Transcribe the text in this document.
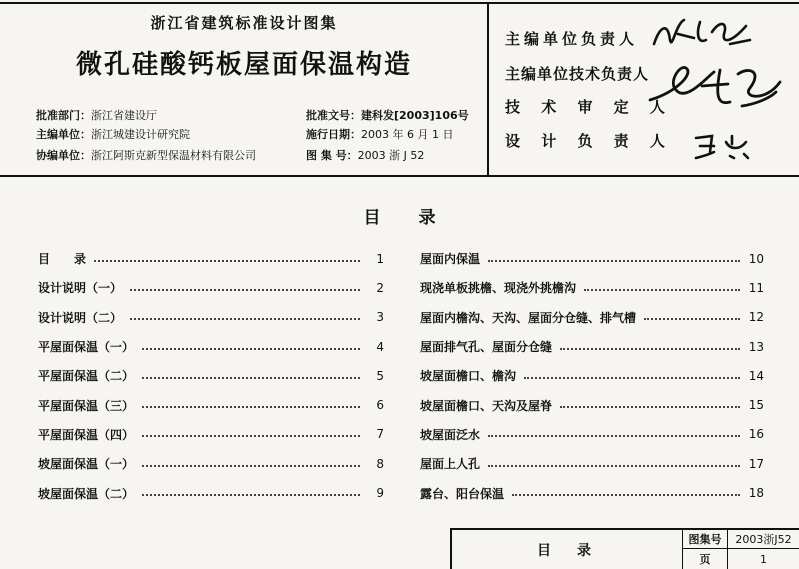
浙江省建筑标准设计图集
微孔硅酸钙板屋面保温构造
批准部门：浙江省建设厅
主编单位：浙江城建设计研究院
协编单位：浙江阿斯克新型保温材料有限公司
批准文号：建科发[2003]106号
施行日期：2003 年 6 月 1 日
图 集 号：2003 浙 J 52
主编单位负责人
主编单位技术负责人
技 术 审 定 人
设 计 负 责 人
目录
目　　录	1
设计说明（一）	2
设计说明（二）	3
平屋面保温（一）	4
平屋面保温（二）	5
平屋面保温（三）	6
平屋面保温（四）	7
坡屋面保温（一）	8
坡屋面保温（二）	9
屋面内保温	10
现浇单板挑檐、现浇外挑檐沟	11
屋面内檐沟、天沟、屋面分仓缝、排气槽	12
屋面排气孔、屋面分仓缝	13
坡屋面檐口、檐沟	14
坡屋面檐口、天沟及屋脊	15
坡屋面泛水	16
屋面上人孔	17
露台、阳台保温	18
目　录
图集号	2003浙J52
页	1
